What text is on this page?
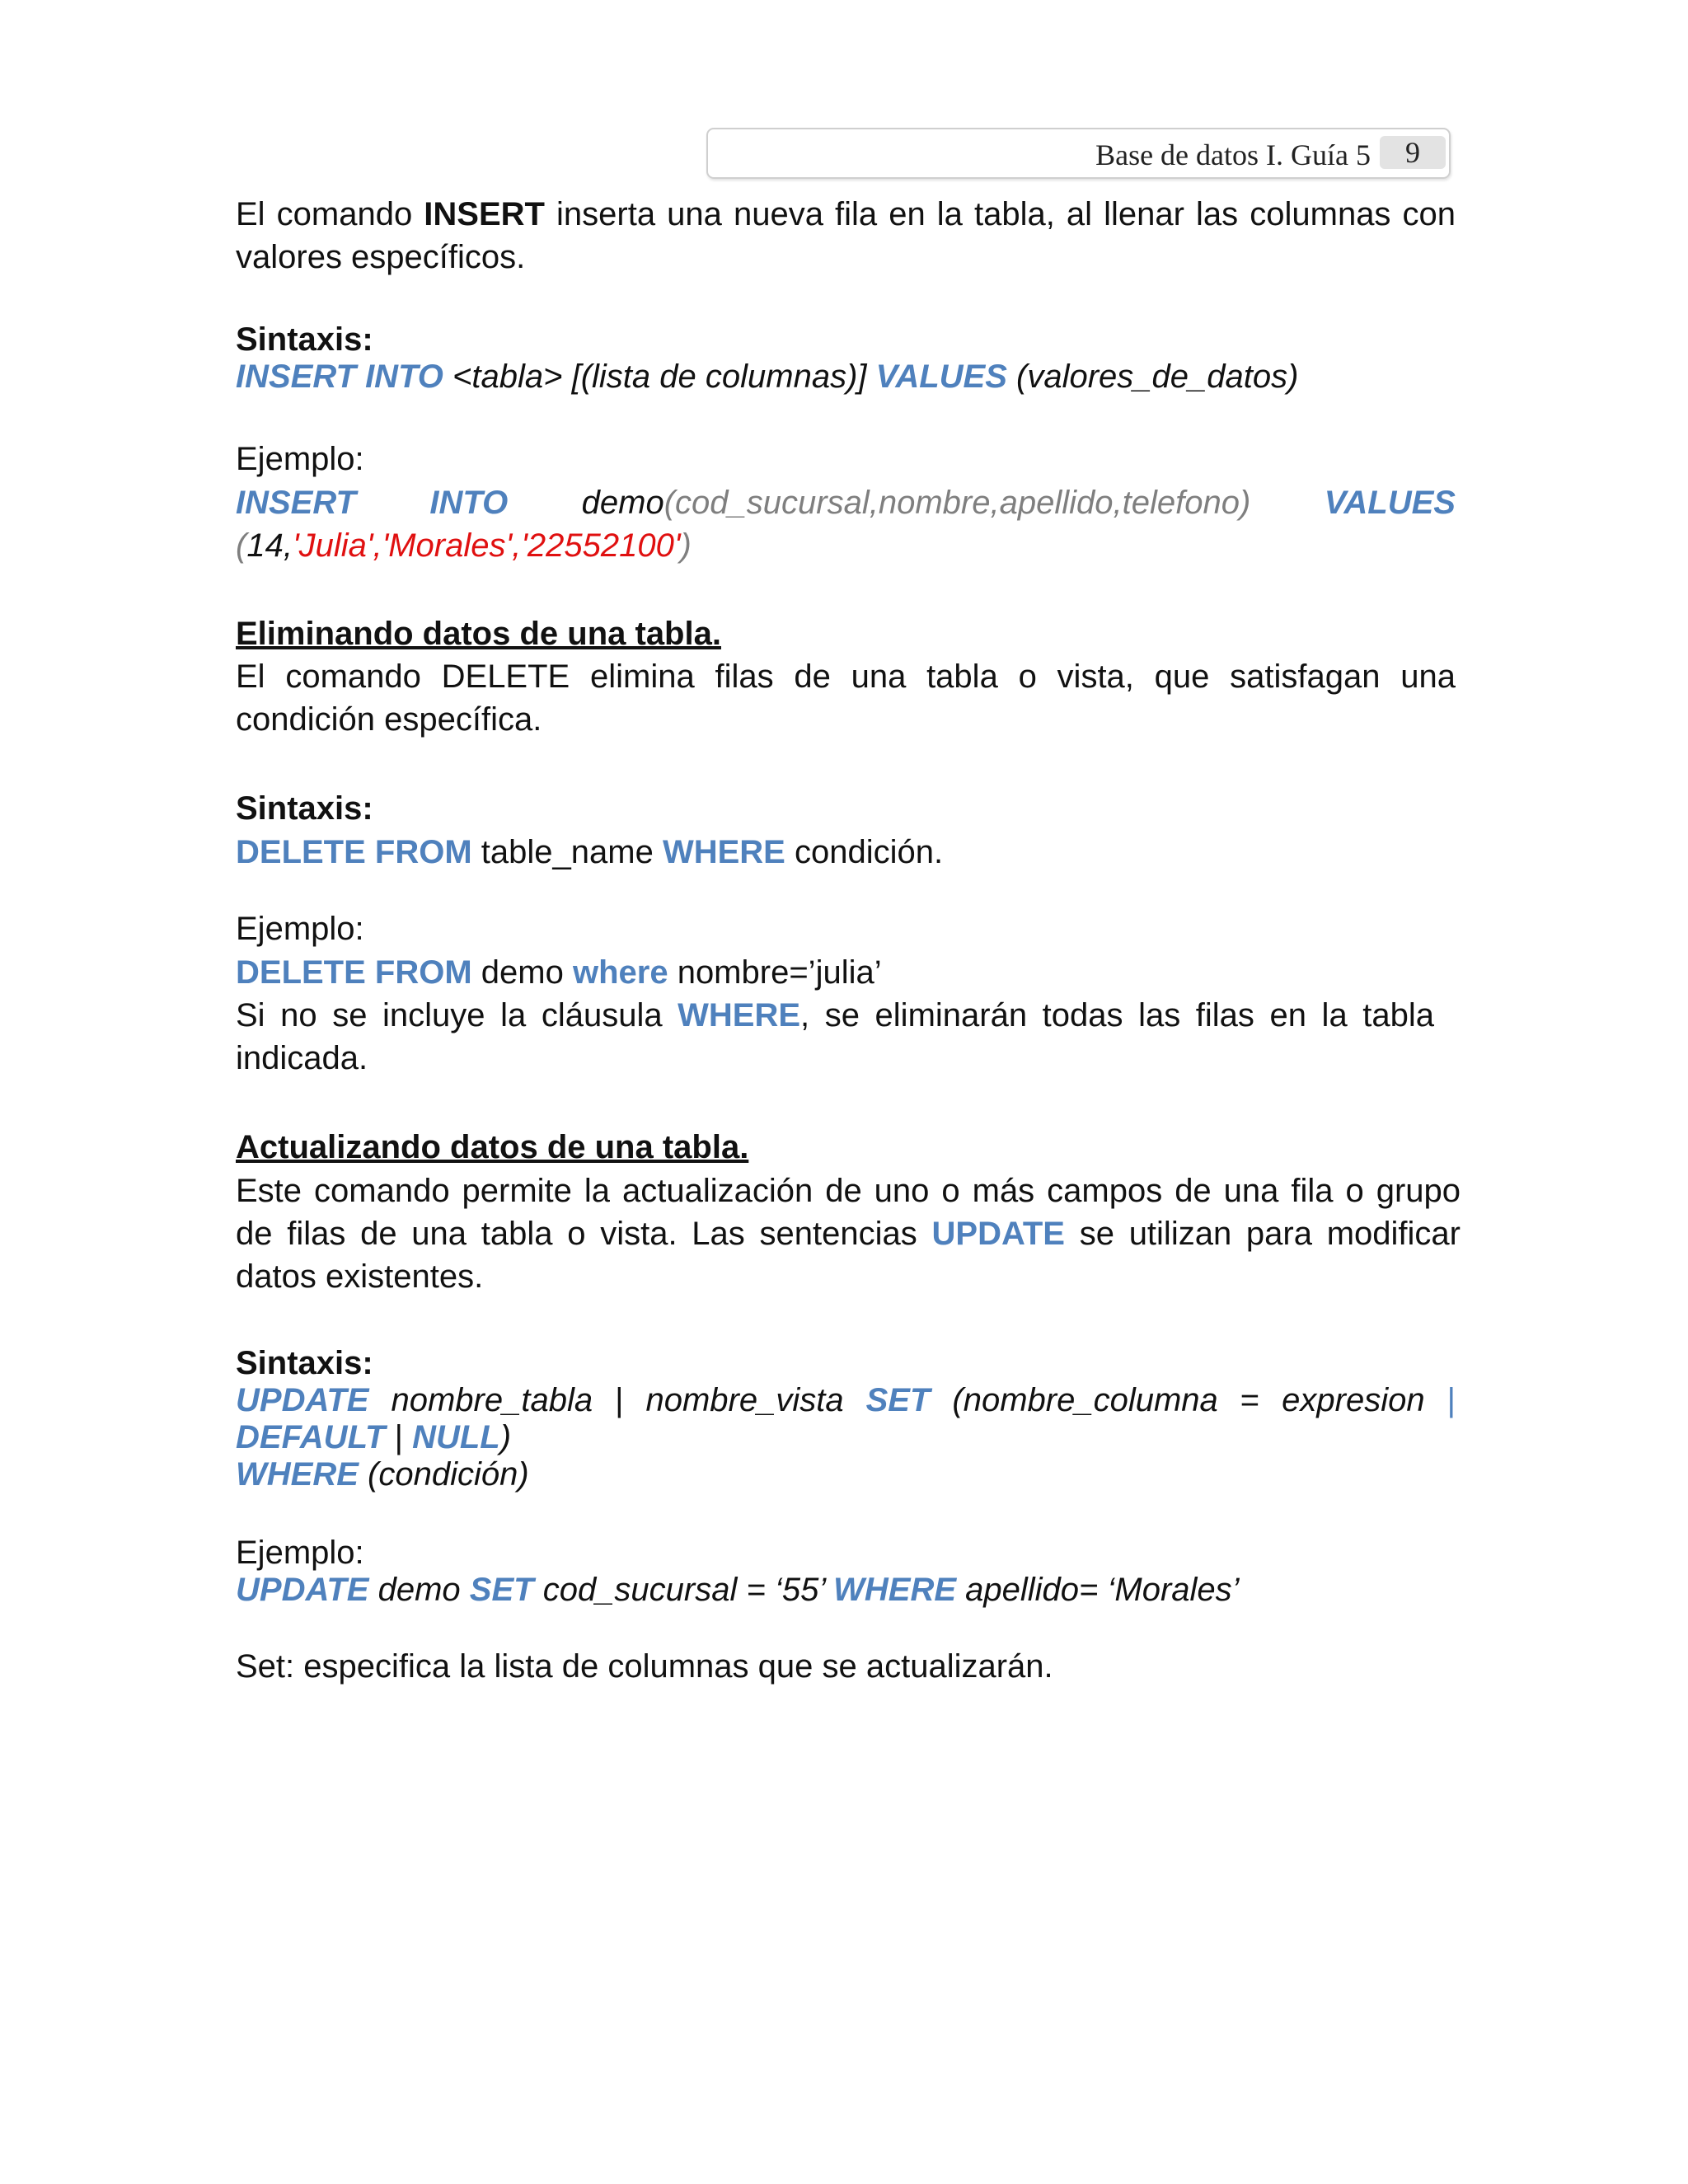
Base de datos I. Guía 5	9
El comando INSERT inserta una nueva fila en la tabla, al llenar las columnas con
valores específicos.
Sintaxis:
INSERT INTO <tabla> [(lista de columnas)] VALUES (valores_de_datos)
Ejemplo:
INSERT INTO demo(cod_sucursal,nombre,apellido,telefono) VALUES
(14,'Julia','Morales','22552100')
Eliminando datos de una tabla.
El comando DELETE elimina filas de una tabla o vista, que satisfagan una
condición específica.
Sintaxis:
DELETE FROM table_name WHERE condición.
Ejemplo:
DELETE FROM demo where nombre=’julia’
Si no se incluye la cláusula WHERE, se eliminarán todas las filas en la tabla
indicada.
Actualizando datos de una tabla.
Este comando permite la actualización de uno o más campos de una fila o grupo
de filas de una tabla o vista. Las sentencias UPDATE se utilizan para modificar
datos existentes.
Sintaxis:
UPDATE nombre_tabla | nombre_vista SET (nombre_columna = expresion |
DEFAULT | NULL)
WHERE (condición)
Ejemplo:
UPDATE demo SET cod_sucursal = ‘55’ WHERE apellido= ‘Morales’
Set: especifica la lista de columnas que se actualizarán.
